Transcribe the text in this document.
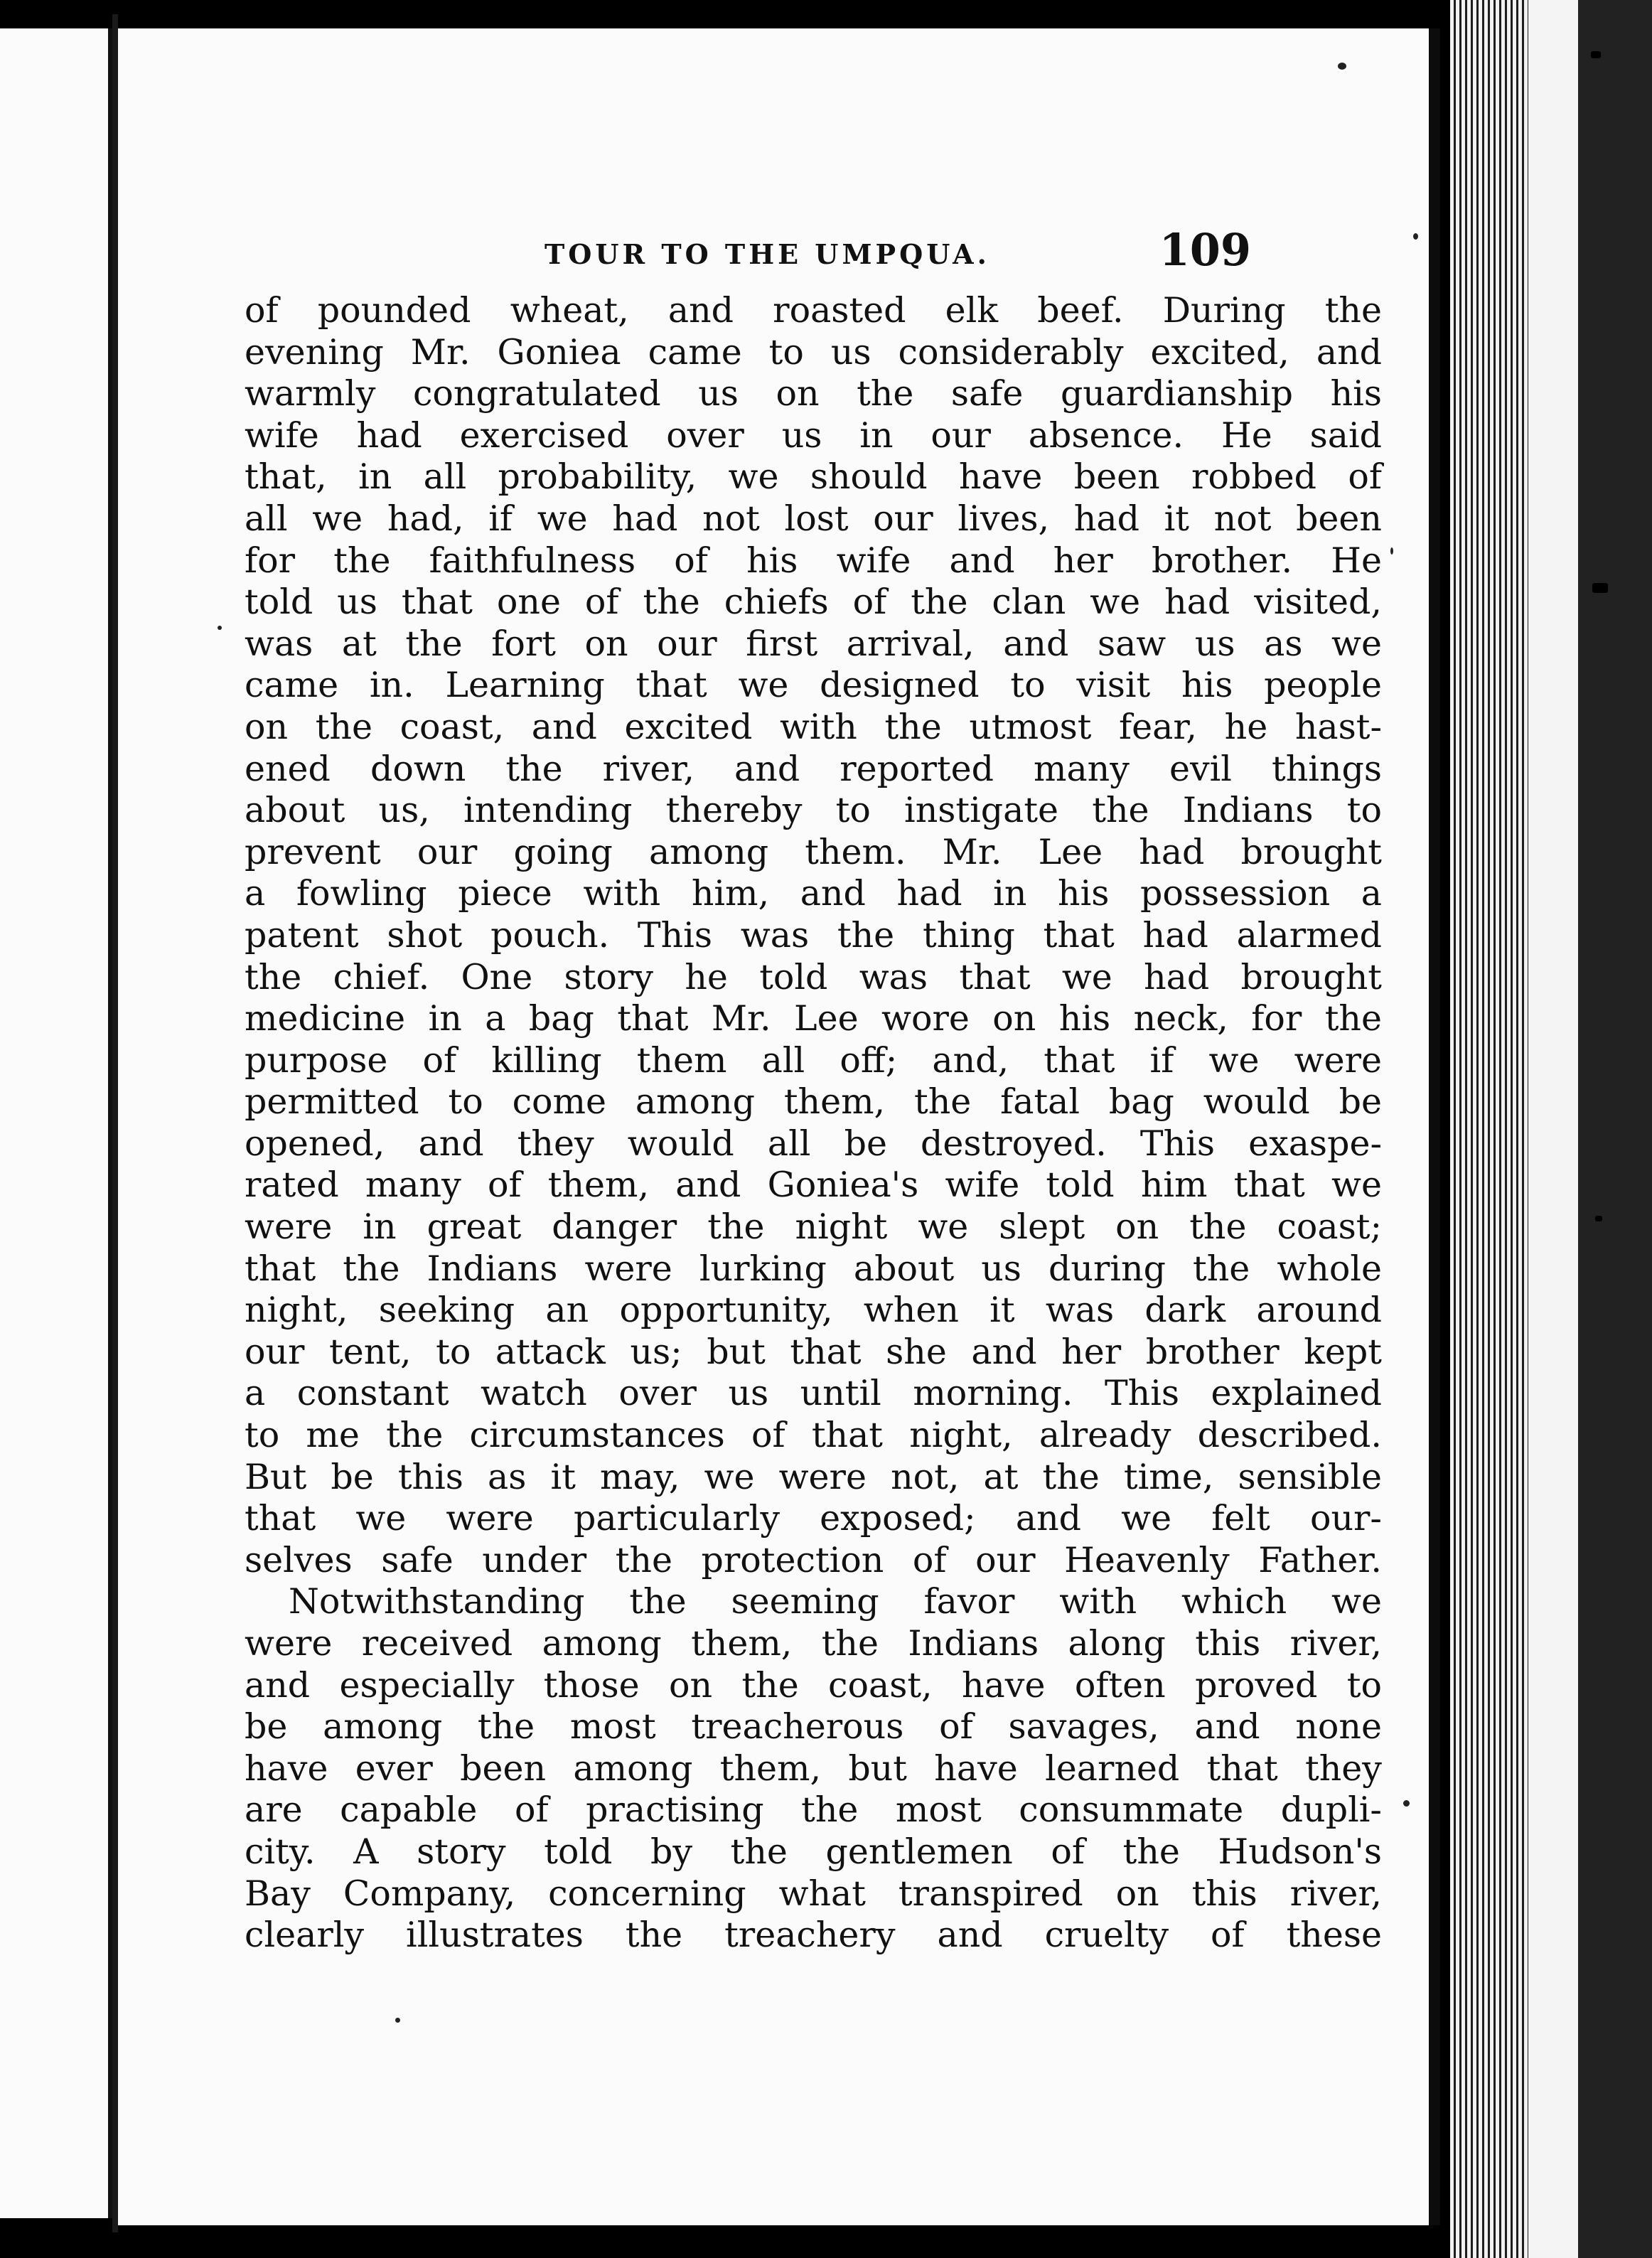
TOUR TO THE UMPQUA.	109
of pounded wheat, and roasted elk beef. During the
evening Mr. Goniea came to us considerably excited, and
warmly congratulated us on the safe guardianship his
wife had exercised over us in our absence. He said
that, in all probability, we should have been robbed of
all we had, if we had not lost our lives, had it not been
for the faithfulness of his wife and her brother. He
told us that one of the chiefs of the clan we had visited,
was at the fort on our first arrival, and saw us as we
came in. Learning that we designed to visit his people
on the coast, and excited with the utmost fear, he hast-
ened down the river, and reported many evil things
about us, intending thereby to instigate the Indians to
prevent our going among them. Mr. Lee had brought
a fowling piece with him, and had in his possession a
patent shot pouch. This was the thing that had alarmed
the chief. One story he told was that we had brought
medicine in a bag that Mr. Lee wore on his neck, for the
purpose of killing them all off; and, that if we were
permitted to come among them, the fatal bag would be
opened, and they would all be destroyed. This exaspe-
rated many of them, and Goniea's wife told him that we
were in great danger the night we slept on the coast;
that the Indians were lurking about us during the whole
night, seeking an opportunity, when it was dark around
our tent, to attack us; but that she and her brother kept
a constant watch over us until morning. This explained
to me the circumstances of that night, already described.
But be this as it may, we were not, at the time, sensible
that we were particularly exposed; and we felt our-
selves safe under the protection of our Heavenly Father.
Notwithstanding the seeming favor with which we
were received among them, the Indians along this river,
and especially those on the coast, have often proved to
be among the most treacherous of savages, and none
have ever been among them, but have learned that they
are capable of practising the most consummate dupli-
city. A story told by the gentlemen of the Hudson's
Bay Company, concerning what transpired on this river,
clearly illustrates the treachery and cruelty of these
